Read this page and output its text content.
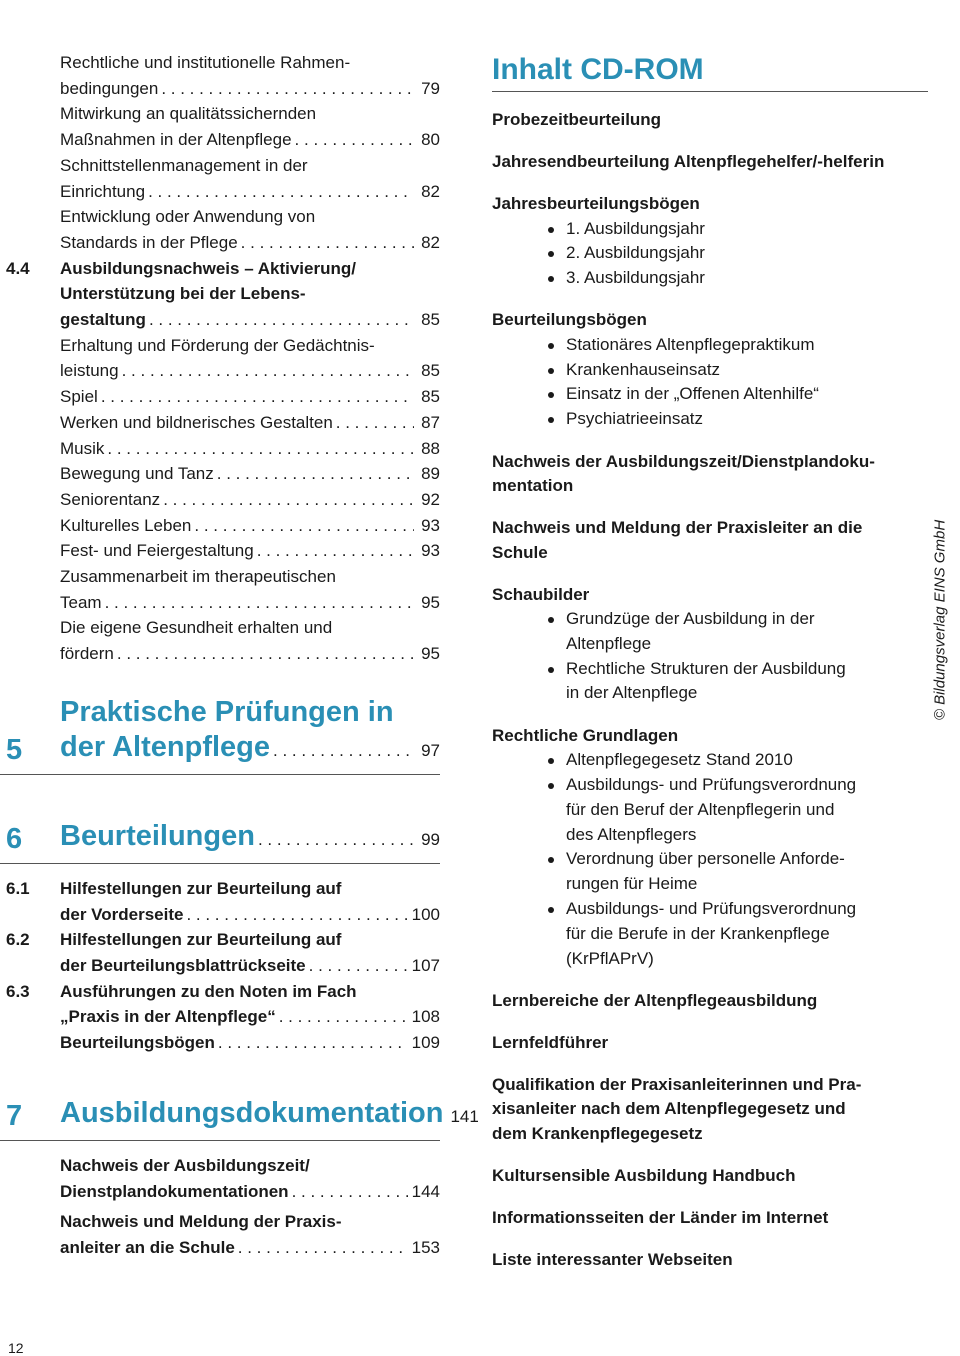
Rechtliche und institutionelle Rahmen-
bedingungen . . .	79
Mitwirkung an qualitätssichernden
Maßnahmen in der Altenpflege . . .	80
Schnittstellenmanagement in der
Einrichtung . . .	82
Entwicklung oder Anwendung von
Standards in der Pflege . . .	82
4.4 Ausbildungsnachweis – Aktivierung/
Unterstützung bei der Lebens-
gestaltung . . .	85
Erhaltung und Förderung der Gedächtnis-
leistung . . .	85
Spiel . . .	85
Werken und bildnerisches Gestalten . . .	87
Musik . . .	88
Bewegung und Tanz . . .	89
Seniorentanz . . .	92
Kulturelles Leben . . .	93
Fest- und Feiergestaltung . . .	93
Zusammenarbeit im therapeutischen
Team . . .	95
Die eigene Gesundheit erhalten und
fördern . . .	95
5
Praktische Prüfungen in
der Altenpflege . . .	97
6 Beurteilungen . . .	99
6.1 Hilfestellungen zur Beurteilung auf
der Vorderseite . . .	100
6.2 Hilfestellungen zur Beurteilung auf
der Beurteilungsblattrückseite . . .	107
6.3 Ausführungen zu den Noten im Fach
„Praxis in der Altenpflege“ . . .	108
Beurteilungsbögen . . .	109
7 Ausbildungsdokumentation 141
Nachweis der Ausbildungszeit/
Dienstplandokumentationen . . .	144
Nachweis und Meldung der Praxis-
anleiter an die Schule . . .	153
Inhalt CD-ROM
Probezeitbeurteilung
Jahresendbeurteilung Altenpflegehelfer/-helferin
Jahresbeurteilungsbögen
1. Ausbildungsjahr
2. Ausbildungsjahr
3. Ausbildungsjahr
Beurteilungsbögen
Stationäres Altenpflegepraktikum
Krankenhauseinsatz
Einsatz in der „Offenen Altenhilfe“
Psychiatrieeinsatz
Nachweis der Ausbildungszeit/Dienstplandoku-
mentation
Nachweis und Meldung der Praxisleiter an die
Schule
Schaubilder
Grundzüge der Ausbildung in der
Altenpflege
Rechtliche Strukturen der Ausbildung
in der Altenpflege
Rechtliche Grundlagen
Altenpflegegesetz Stand 2010
Ausbildungs- und Prüfungsverordnung
für den Beruf der Altenpflegerin und
des Altenpflegers
Verordnung über personelle Anforde-
rungen für Heime
Ausbildungs- und Prüfungsverordnung
für die Berufe in der Krankenpflege
(KrPflAPrV)
Lernbereiche der Altenpflegeausbildung
Lernfeldführer
Qualifikation der Praxisanleiterinnen und Pra-
xisanleiter nach dem Altenpflegegesetz und
dem Krankenpflegegesetz
Kultursensible Ausbildung Handbuch
Informationsseiten der Länder im Internet
Liste interessanter Webseiten
© Bildungsverlag EINS GmbH
12
